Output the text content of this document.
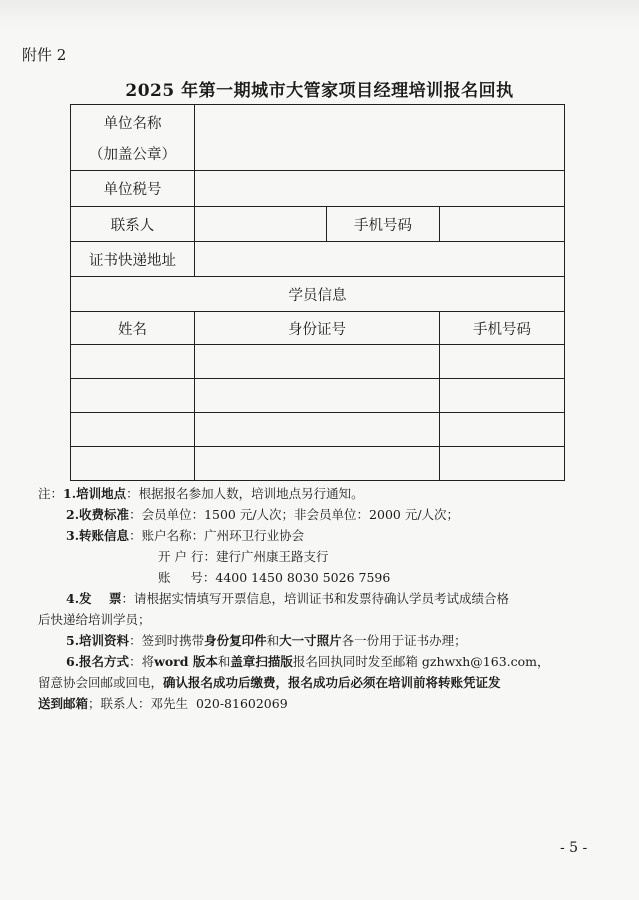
附件 2
2025 年第一期城市大管家项目经理培训报名回执
单位名称
（加盖公章）			

单位税号			
联系人		手机号码	
证书快递地址			
学员信息			
姓名	身份证号		手机号码

注：1.培训地点：根据报名参加人数，培训地点另行通知。
2.收费标准：会员单位：1500 元/人次；非会员单位：2000 元/人次；
3.转账信息：账户名称：广州环卫行业协会
开 户 行：建行广州康王路支行
账     号：4400 1450 8030 5026 7596
4.发    票：请根据实情填写开票信息，培训证书和发票待确认学员考试成绩合格
后快递给培训学员；
5.培训资料：签到时携带身份复印件和大一寸照片各一份用于证书办理；
6.报名方式：将word 版本和盖章扫描版报名回执同时发至邮箱 gzhwxh@163.com，
留意协会回邮或回电，确认报名成功后缴费，报名成功后必须在培训前将转账凭证发
送到邮箱；联系人：邓先生  020-81602069
- 5 -
